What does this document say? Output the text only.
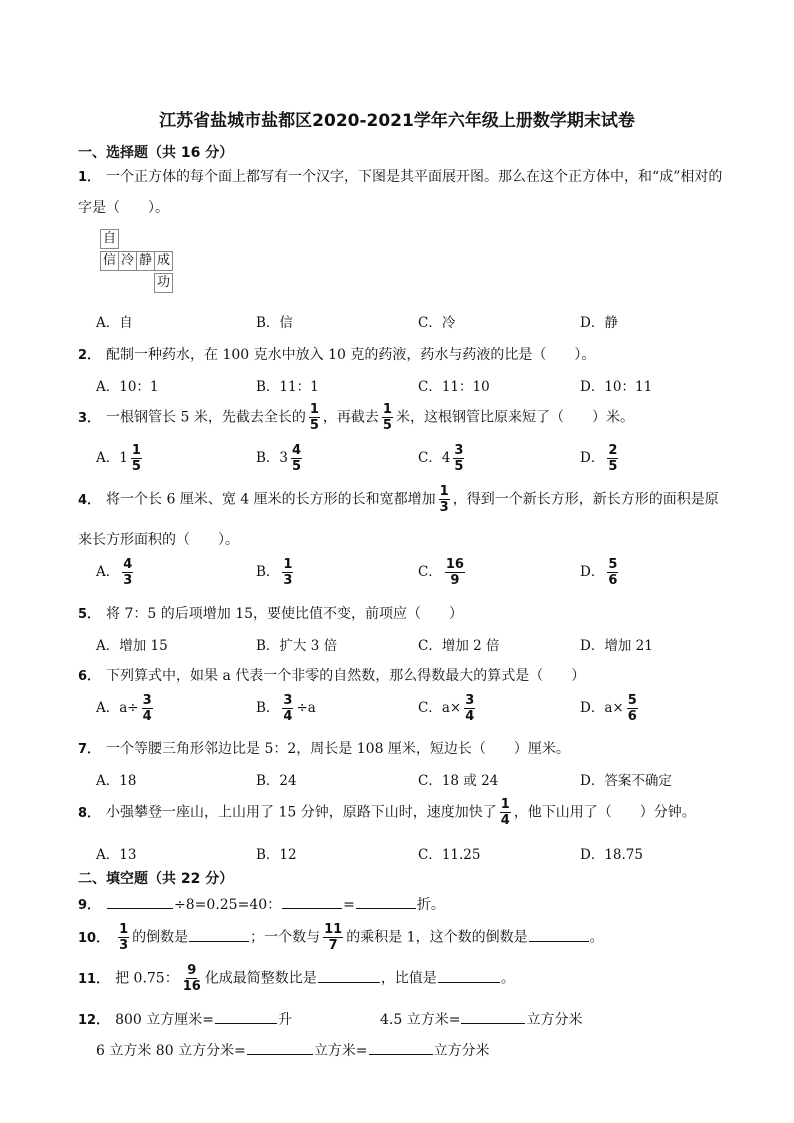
江苏省盐城市盐都区2020-2021学年六年级上册数学期末试卷
一、选择题（共 16 分）
1． 一个正方体的每个面上都写有一个汉字，下图是其平面展开图。那么在这个正方体中，和“成”相对的
字是（　　）。
自
信 冷 静 成
功
A．自	B．信	C．冷	D．静
2． 配制一种药水，在 100 克水中放入 10 克的药液，药水与药液的比是（　　）。
A．10：1	B．11：1	C．11：10	D．10：11
3． 一根钢管长 5 米，先截去全长的 $\frac{1}{5}$ ，再截去 $\frac{1}{5}$ 米，这根钢管比原来短了（　　）米。
A．$1 \frac{1}{5}$	B．$3 \frac{4}{5}$	C．$4 \frac{3}{5}$	D． $\frac{2}{5}$
4． 将一个长 6 厘米、宽 4 厘米的长方形的长和宽都增加 $\frac{1}{3}$ ，得到一个新长方形，新长方形的面积是原
来长方形面积的（　　）。
A． $\frac{4}{3}$	B． $\frac{1}{3}$	C． $\frac{16}{9}$	D． $\frac{5}{6}$
5． 将 7：5 的后项增加 15，要使比值不变，前项应（　　）
A．增加 15	B．扩大 3 倍	C．增加 2 倍	D．增加 21
6． 下列算式中，如果 a 代表一个非零的自然数，那么得数最大的算式是（　　）
A．$a\div \frac{3}{4}$	B． $\frac{3}{4} \div a$	C．$a\times \frac{3}{4}$	D．$a\times \frac{5}{6}$
7． 一个等腰三角形邻边比是 5：2，周长是 108 厘米，短边长（　　）厘米。
A．18	B．24	C．18 或 24	D．答案不确定
8． 小强攀登一座山，上山用了 15 分钟，原路下山时，速度加快了 $\frac{1}{4}$ ，他下山用了（　　）分钟。
A．13	B．12	C．11.25	D．18.75
二、填空题（共 22 分）
9．	÷8=0.25=40：	=	折。
10． $\frac{1}{3}$ 的倒数是	；一个数与 $\frac{11}{7}$ 的乘积是 1，这个数的倒数是	。
11． 把 0.75： $\frac{9}{16}$ 化成最简整数比是	，比值是	。
12． 800 立方厘米=	升	4.5 立方米=	立方分米
6 立方米 80 立方分米=	立方米=	立方分米
